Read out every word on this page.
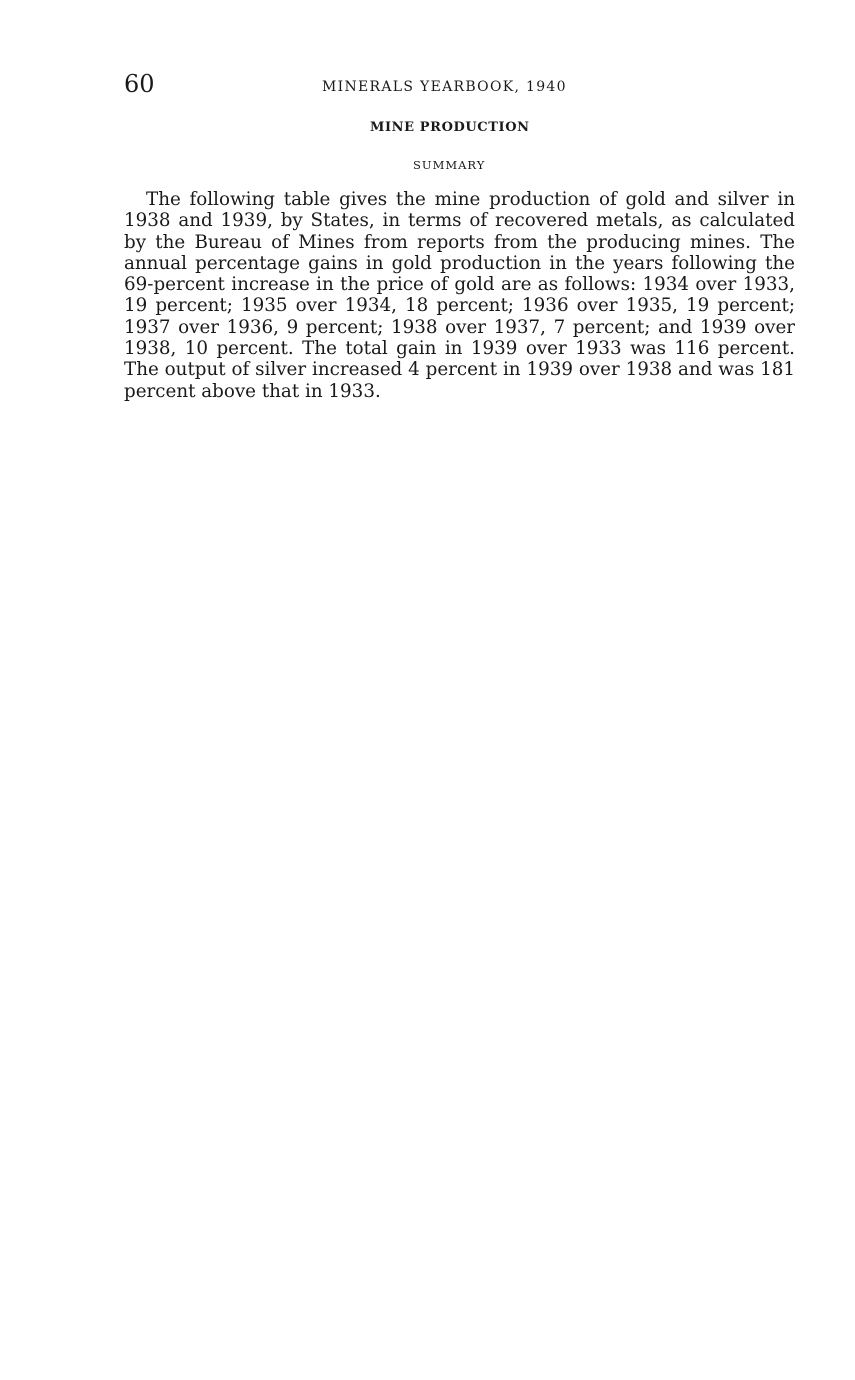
60	MINERALS YEARBOOK, 1940
MINE PRODUCTION
SUMMARY

The following table gives the mine production of gold and silver in 1938 and 1939, by States, in terms of recovered metals, as calculated by the Bureau of Mines from reports from the producing mines. The annual percentage gains in gold production in the years following the 69-percent increase in the price of gold are as follows: 1934 over 1933, 19 percent; 1935 over 1934, 18 percent; 1936 over 1935, 19 percent; 1937 over 1936, 9 percent; 1938 over 1937, 7 percent; and 1939 over 1938, 10 percent. The total gain in 1939 over 1933 was 116 percent. The output of silver increased 4 percent in 1939 over 1938 and was 181 percent above that in 1933.
